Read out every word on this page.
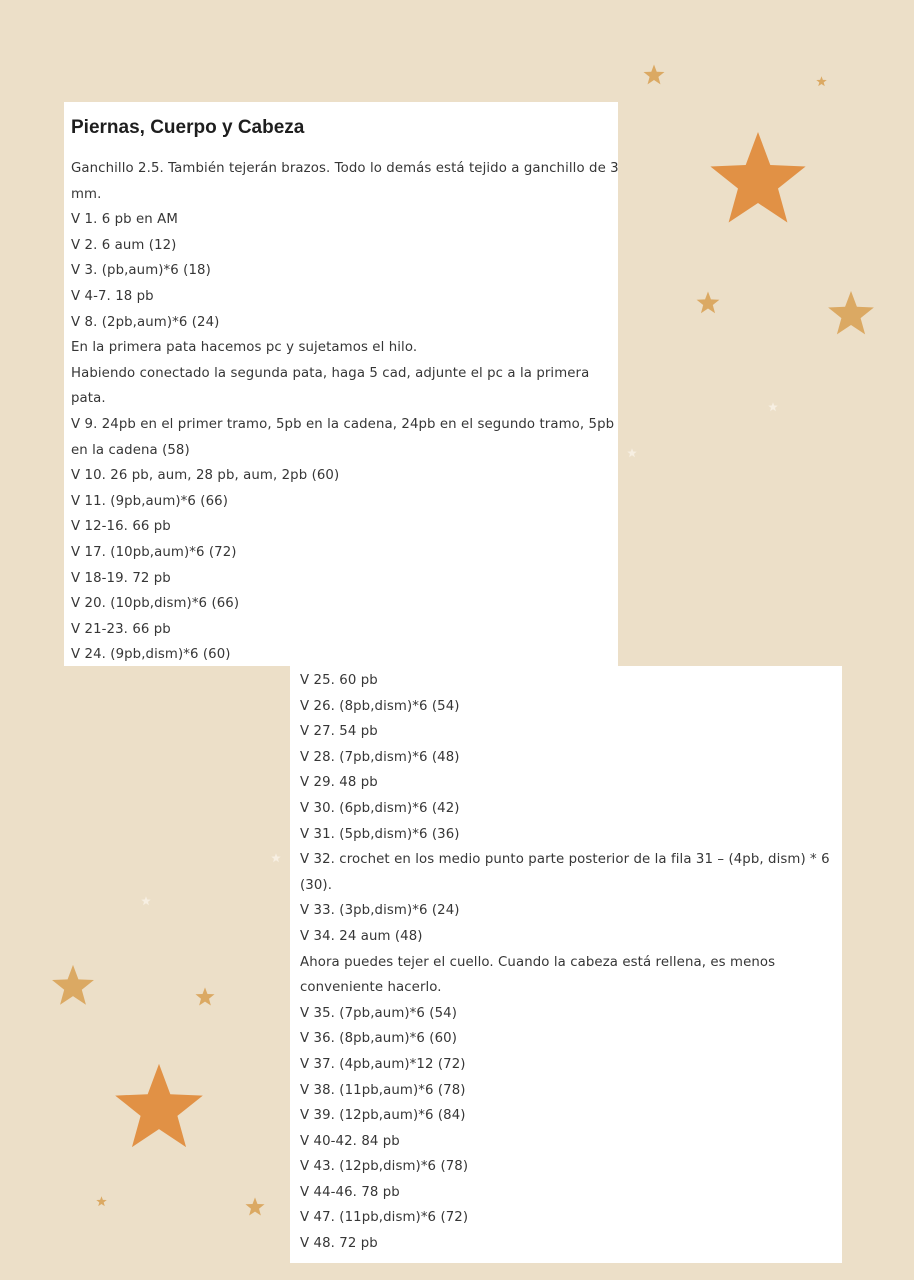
Piernas, Cuerpo y Cabeza
Ganchillo 2.5. También tejerán brazos. Todo lo demás está tejido a ganchillo de 3
mm.
V 1. 6 pb en AM
V 2. 6 aum (12)
V 3. (pb,aum)*6 (18)
V 4-7. 18 pb
V 8. (2pb,aum)*6 (24)
En la primera pata hacemos pc y sujetamos el hilo.
Habiendo conectado la segunda pata, haga 5 cad, adjunte el pc a la primera
pata.
V 9. 24pb en el primer tramo, 5pb en la cadena, 24pb en el segundo tramo, 5pb
en la cadena (58)
V 10. 26 pb, aum, 28 pb, aum, 2pb (60)
V 11. (9pb,aum)*6 (66)
V 12-16. 66 pb
V 17. (10pb,aum)*6 (72)
V 18-19. 72 pb
V 20. (10pb,dism)*6 (66)
V 21-23. 66 pb
V 24. (9pb,dism)*6 (60)
V 25. 60 pb
V 26. (8pb,dism)*6 (54)
V 27. 54 pb
V 28. (7pb,dism)*6 (48)
V 29. 48 pb
V 30. (6pb,dism)*6 (42)
V 31. (5pb,dism)*6 (36)
V 32. crochet en los medio punto parte posterior de la fila 31 – (4pb, dism) * 6
(30).
V 33. (3pb,dism)*6 (24)
V 34. 24 aum (48)
Ahora puedes tejer el cuello. Cuando la cabeza está rellena, es menos
conveniente hacerlo.
V 35. (7pb,aum)*6 (54)
V 36. (8pb,aum)*6 (60)
V 37. (4pb,aum)*12 (72)
V 38. (11pb,aum)*6 (78)
V 39. (12pb,aum)*6 (84)
V 40-42. 84 pb
V 43. (12pb,dism)*6 (78)
V 44-46. 78 pb
V 47. (11pb,dism)*6 (72)
V 48. 72 pb
